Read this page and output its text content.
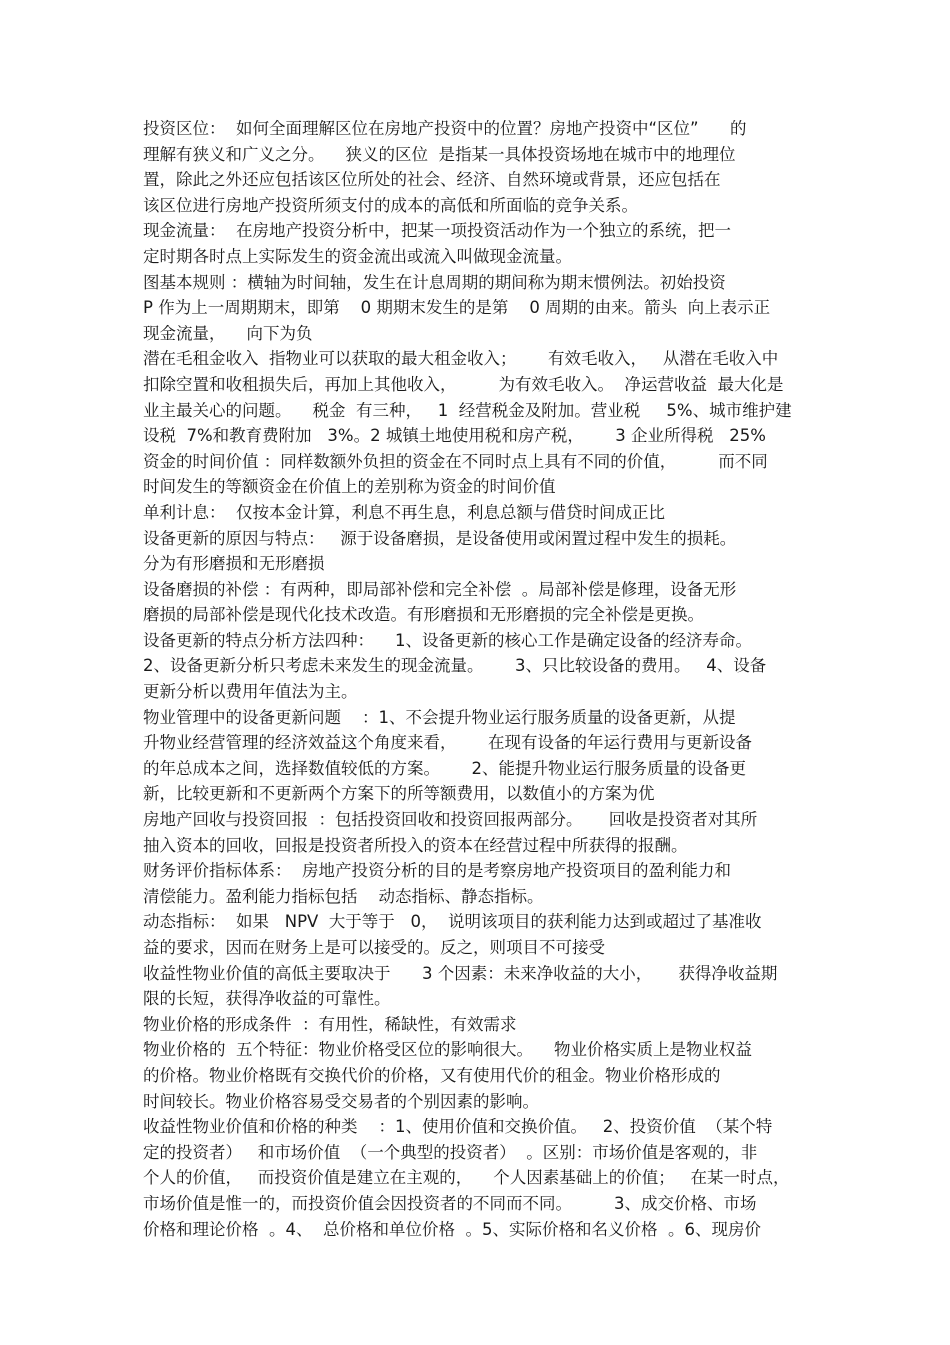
投资区位：  如何全面理解区位在房地产投资中的位置？房地产投资中“区位”      的
理解有狭义和广义之分。    狭义的区位  是指某一具体投资场地在城市中的地理位
置，除此之外还应包括该区位所处的社会、经济、自然环境或背景，还应包括在
该区位进行房地产投资所须支付的成本的高低和所面临的竞争关系。
现金流量：  在房地产投资分析中，把某一项投资活动作为一个独立的系统，把一
定时期各时点上实际发生的资金流出或流入叫做现金流量。
图基本规则 ：横轴为时间轴，发生在计息周期的期间称为期末惯例法。初始投资
P 作为上一周期期末，即第    0 期期末发生的是第    0 周期的由来。箭头  向上表示正
现金流量，    向下为负
潜在毛租金收入  指物业可以获取的最大租金收入；      有效毛收入，   从潜在毛收入中
扣除空置和收租损失后，再加上其他收入，        为有效毛收入。  净运营收益  最大化是
业主最关心的问题。    税金  有三种，   1  经营税金及附加。营业税     5%、城市维护建
设税  7%和教育费附加   3%。2 城镇土地使用税和房产税，      3 企业所得税   25%
资金的时间价值 ：同样数额外负担的资金在不同时点上具有不同的价值，        而不同
时间发生的等额资金在价值上的差别称为资金的时间价值
单利计息：  仅按本金计算，利息不再生息，利息总额与借贷时间成正比
设备更新的原因与特点：   源于设备磨损，是设备使用或闲置过程中发生的损耗。
分为有形磨损和无形磨损
设备磨损的补偿 ：有两种，即局部补偿和完全补偿  。局部补偿是修理，设备无形
磨损的局部补偿是现代化技术改造。有形磨损和无形磨损的完全补偿是更换。
设备更新的特点分析方法四种：    1、设备更新的核心工作是确定设备的经济寿命。
2、设备更新分析只考虑未来发生的现金流量。      3、只比较设备的费用。   4、设备
更新分析以费用年值法为主。
物业管理中的设备更新问题    ：1、不会提升物业运行服务质量的设备更新，从提
升物业经营管理的经济效益这个角度来看，      在现有设备的年运行费用与更新设备
的年总成本之间，选择数值较低的方案。      2、能提升物业运行服务质量的设备更
新，比较更新和不更新两个方案下的所等额费用，以数值小的方案为优
房地产回收与投资回报  ：包括投资回收和投资回报两部分。     回收是投资者对其所
抽入资本的回收，回报是投资者所投入的资本在经营过程中所获得的报酬。
财务评价指标体系：  房地产投资分析的目的是考察房地产投资项目的盈利能力和
清偿能力。盈利能力指标包括    动态指标、静态指标。
动态指标：  如果   NPV  大于等于   0，  说明该项目的获利能力达到或超过了基准收
益的要求，因而在财务上是可以接受的。反之，则项目不可接受
收益性物业价值的高低主要取决于      3 个因素：未来净收益的大小，     获得净收益期
限的长短，获得净收益的可靠性。
物业价格的形成条件  ：有用性，稀缺性，有效需求
物业价格的  五个特征：物业价格受区位的影响很大。    物业价格实质上是物业权益
的价格。物业价格既有交换代价的价格，又有使用代价的租金。物业价格形成的
时间较长。物业价格容易受交易者的个别因素的影响。
收益性物业价值和价格的种类    ：1、使用价值和交换价值。   2、投资价值  （某个特
定的投资者）   和市场价值  （一个典型的投资者）  。区别：市场价值是客观的，非
个人的价值，   而投资价值是建立在主观的，    个人因素基础上的价值；   在某一时点，
市场价值是惟一的，而投资价值会因投资者的不同而不同。        3、成交价格、市场
价格和理论价格  。4、  总价格和单位价格  。5、实际价格和名义价格  。6、现房价
